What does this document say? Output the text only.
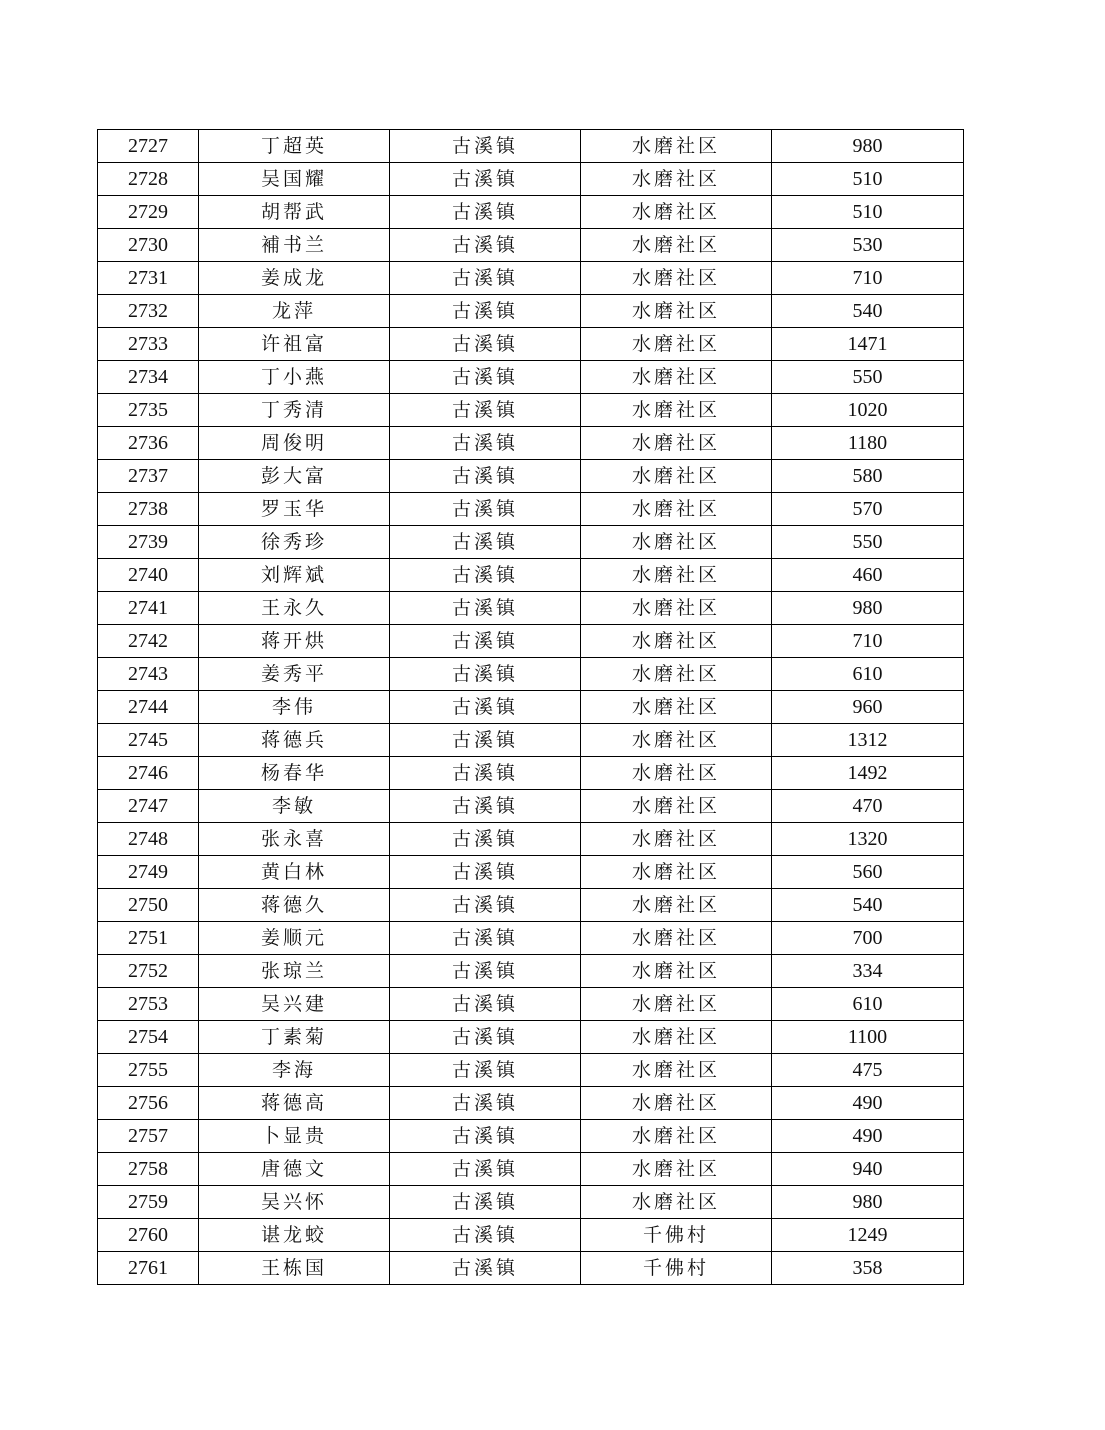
2727	丁超英	古溪镇	水磨社区	980
2728	吴国耀	古溪镇	水磨社区	510
2729	胡帮武	古溪镇	水磨社区	510
2730	補书兰	古溪镇	水磨社区	530
2731	姜成龙	古溪镇	水磨社区	710
2732	龙萍	古溪镇	水磨社区	540
2733	许祖富	古溪镇	水磨社区	1471
2734	丁小燕	古溪镇	水磨社区	550
2735	丁秀清	古溪镇	水磨社区	1020
2736	周俊明	古溪镇	水磨社区	1180
2737	彭大富	古溪镇	水磨社区	580
2738	罗玉华	古溪镇	水磨社区	570
2739	徐秀珍	古溪镇	水磨社区	550
2740	刘辉斌	古溪镇	水磨社区	460
2741	王永久	古溪镇	水磨社区	980
2742	蒋开烘	古溪镇	水磨社区	710
2743	姜秀平	古溪镇	水磨社区	610
2744	李伟	古溪镇	水磨社区	960
2745	蒋德兵	古溪镇	水磨社区	1312
2746	杨春华	古溪镇	水磨社区	1492
2747	李敏	古溪镇	水磨社区	470
2748	张永喜	古溪镇	水磨社区	1320
2749	黄白林	古溪镇	水磨社区	560
2750	蒋德久	古溪镇	水磨社区	540
2751	姜顺元	古溪镇	水磨社区	700
2752	张琼兰	古溪镇	水磨社区	334
2753	吴兴建	古溪镇	水磨社区	610
2754	丁素菊	古溪镇	水磨社区	1100
2755	李海	古溪镇	水磨社区	475
2756	蒋德高	古溪镇	水磨社区	490
2757	卜显贵	古溪镇	水磨社区	490
2758	唐德文	古溪镇	水磨社区	940
2759	吴兴怀	古溪镇	水磨社区	980
2760	谌龙蛟	古溪镇	千佛村	1249
2761	王栋国	古溪镇	千佛村	358
